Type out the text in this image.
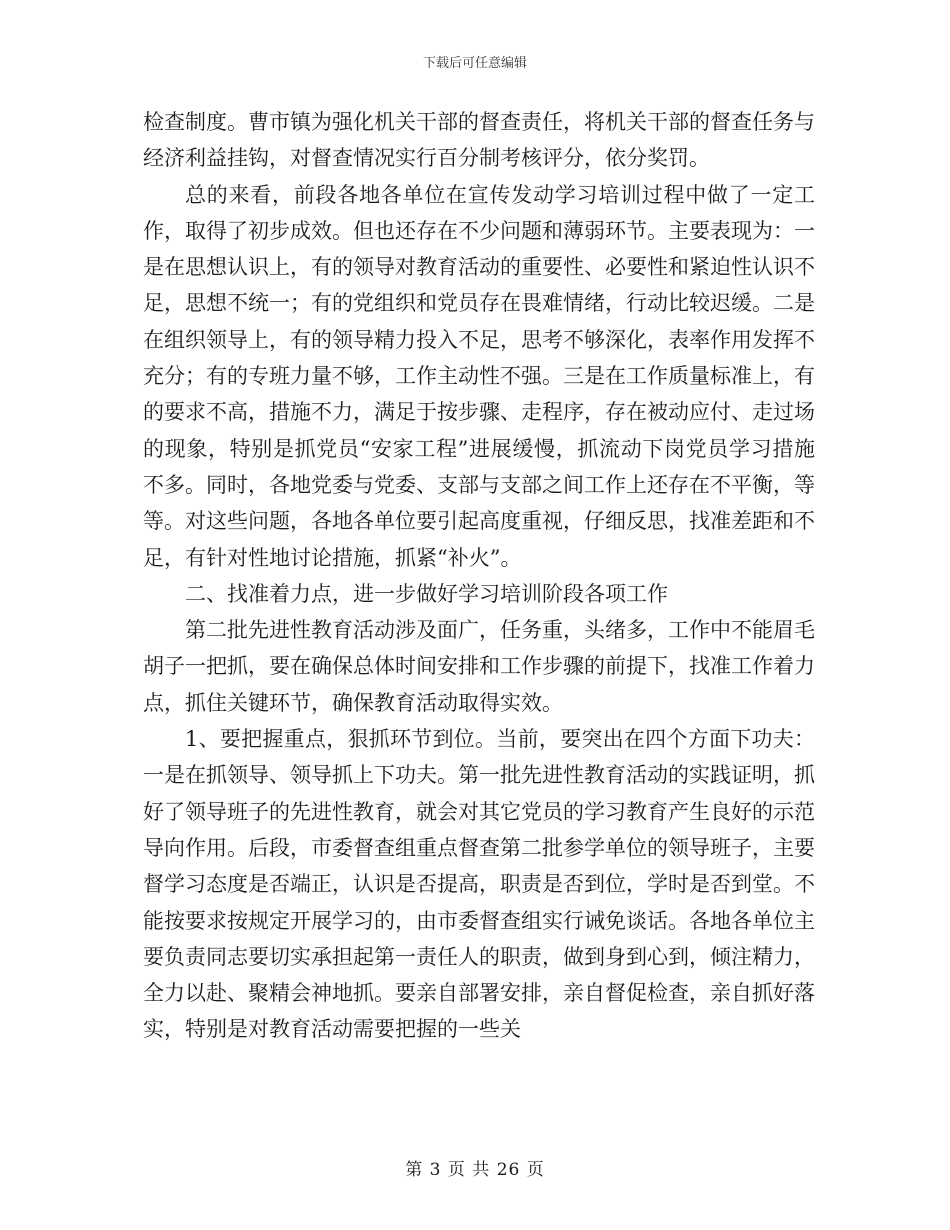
下载后可任意编辑

检查制度。曹市镇为强化机关干部的督查责任，将机关干部的督查任务与经济利益挂钩，对督查情况实行百分制考核评分，依分奖罚。

总的来看，前段各地各单位在宣传发动学习培训过程中做了一定工作，取得了初步成效。但也还存在不少问题和薄弱环节。主要表现为：一是在思想认识上，有的领导对教育活动的重要性、必要性和紧迫性认识不足，思想不统一；有的党组织和党员存在畏难情绪，行动比较迟缓。二是在组织领导上，有的领导精力投入不足，思考不够深化，表率作用发挥不充分；有的专班力量不够，工作主动性不强。三是在工作质量标准上，有的要求不高，措施不力，满足于按步骤、走程序，存在被动应付、走过场的现象，特别是抓党员“安家工程”进展缓慢，抓流动下岗党员学习措施不多。同时，各地党委与党委、支部与支部之间工作上还存在不平衡，等等。对这些问题，各地各单位要引起高度重视，仔细反思，找准差距和不足，有针对性地讨论措施，抓紧“补火”。

二、找准着力点，进一步做好学习培训阶段各项工作

第二批先进性教育活动涉及面广，任务重，头绪多，工作中不能眉毛胡子一把抓，要在确保总体时间安排和工作步骤的前提下，找准工作着力点，抓住关键环节，确保教育活动取得实效。

1、要把握重点，狠抓环节到位。当前，要突出在四个方面下功夫：一是在抓领导、领导抓上下功夫。第一批先进性教育活动的实践证明，抓好了领导班子的先进性教育，就会对其它党员的学习教育产生良好的示范导向作用。后段，市委督查组重点督查第二批参学单位的领导班子，主要督学习态度是否端正，认识是否提高，职责是否到位，学时是否到堂。不能按要求按规定开展学习的，由市委督查组实行诫免谈话。各地各单位主要负责同志要切实承担起第一责任人的职责，做到身到心到，倾注精力，全力以赴、聚精会神地抓。要亲自部署安排，亲自督促检查，亲自抓好落实，特别是对教育活动需要把握的一些关

第 3 页 共 26 页
